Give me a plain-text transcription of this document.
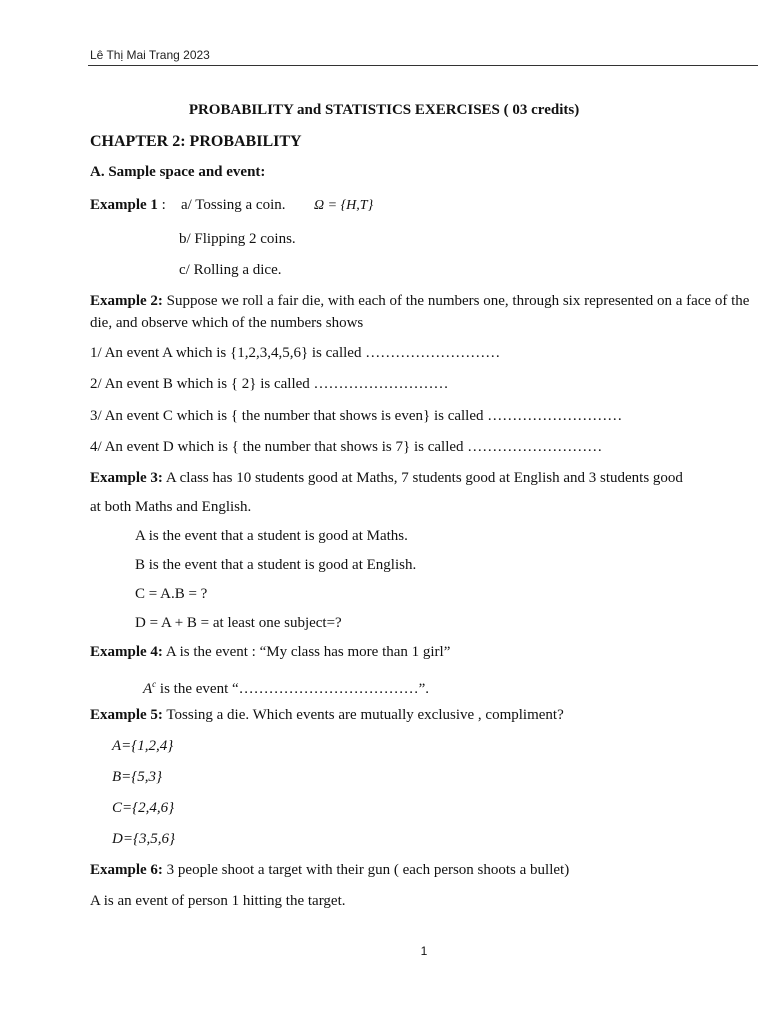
Lê Thị Mai Trang 2023
PROBABILITY and STATISTICS EXERCISES ( 03 credits)
CHAPTER 2: PROBABILITY
A. Sample space and event:
Example 1 : a/ Tossing a coin. Ω = {H,T}
b/ Flipping 2 coins.
c/ Rolling a dice.
Example 2: Suppose we roll a fair die, with each of the numbers one, through six represented on a face of the die, and observe which of the numbers shows
1/ An event A which is {1,2,3,4,5,6} is called ………………………
2/ An event B which is { 2} is called ………………………
3/ An event C which is { the number that shows is even} is called ………………………
4/ An event D which is { the number that shows is 7} is called ………………………
Example 3: A class has 10 students good at Maths, 7 students good at English and 3 students good
at both Maths and English.
A is the event that a student is good at Maths.
B is the event that a student is good at English.
C = A.B = ?
D = A + B = at least one subject=?
Example 4: A is the event : “My class has more than 1 girl”
$A^c$ is the event “………………………………”.
Example 5: Tossing a die. Which events are mutually exclusive , compliment?
A={1,2,4}
B={5,3}
C={2,4,6}
D={3,5,6}
Example 6: 3 people shoot a target with their gun ( each person shoots a bullet)
A is an event of person 1 hitting the target.
1
